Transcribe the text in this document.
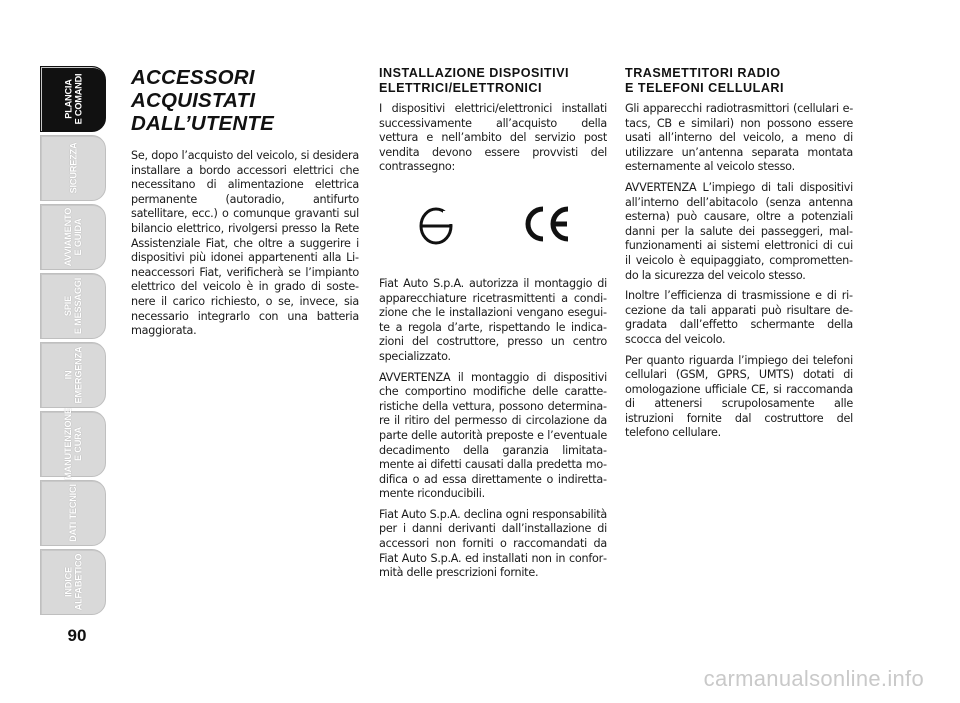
PLANCIA
E COMANDI
SICUREZZA
AVVIAMENTO
E GUIDA
SPIE
E MESSAGGI
IN
EMERGENZA
MANUTENZIONE
E CURA
DATI TECNICI
INDICE
ALFABETICO
90
ACCESSORI ACQUISTATI
DALL’UTENTE

Se, dopo l’acquisto del veicolo, si desidera installare a bordo accessori elettrici che necessitano di alimentazione elettrica permanente (autoradio, antifurto satellitare, ecc.) o comunque gravanti sul bilancio elettrico, rivolgersi presso la Rete Assistenziale Fiat, che oltre a suggerire i dispositivi più idonei appartenenti alla Lineaccessori Fiat, verificherà se l’impianto elettrico del veicolo è in grado di sostenere il carico richiesto, o se, invece, sia necessario integrarlo con una batteria maggiorata.

INSTALLAZIONE DISPOSITIVI
ELETTRICI/ELETTRONICI

I dispositivi elettrici/elettronici installati successivamente all’acquisto della vettura e nell’ambito del servizio post vendita devono essere provvisti del contrassegno:

Fiat Auto S.p.A. autorizza il montaggio di apparecchiature ricetrasmittenti a condizione che le installazioni vengano eseguite a regola d’arte, rispettando le indicazioni del costruttore, presso un centro specializzato.

AVVERTENZA il montaggio di dispositivi che comportino modifiche delle caratteristiche della vettura, possono determinare il ritiro del permesso di circolazione da parte delle autorità preposte e l’eventuale decadimento della garanzia limitatamente ai difetti causati dalla predetta modifica o ad essa direttamente o indirettamente riconducibili.

Fiat Auto S.p.A. declina ogni responsabilità per i danni derivanti dall’installazione di accessori non forniti o raccomandati da Fiat Auto S.p.A. ed installati non in conformità delle prescrizioni fornite.

TRASMETTITORI RADIO
E TELEFONI CELLULARI

Gli apparecchi radiotrasmittori (cellulari e-tacs, CB e similari) non possono essere usati all’interno del veicolo, a meno di utilizzare un’antenna separata montata esternamente al veicolo stesso.

AVVERTENZA L’impiego di tali dispositivi all’interno dell’abitacolo (senza antenna esterna) può causare, oltre a potenziali danni per la salute dei passeggeri, malfunzionamenti ai sistemi elettronici di cui il veicolo è equipaggiato, compromettendo la sicurezza del veicolo stesso.

Inoltre l’efficienza di trasmissione e di ricezione da tali apparati può risultare degradata dall’effetto schermante della scocca del veicolo.

Per quanto riguarda l’impiego dei telefoni cellulari (GSM, GPRS, UMTS) dotati di omologazione ufficiale CE, si raccomanda di attenersi scrupolosamente alle istruzioni fornite dal costruttore del telefono cellulare.

carmanualsonline.info
